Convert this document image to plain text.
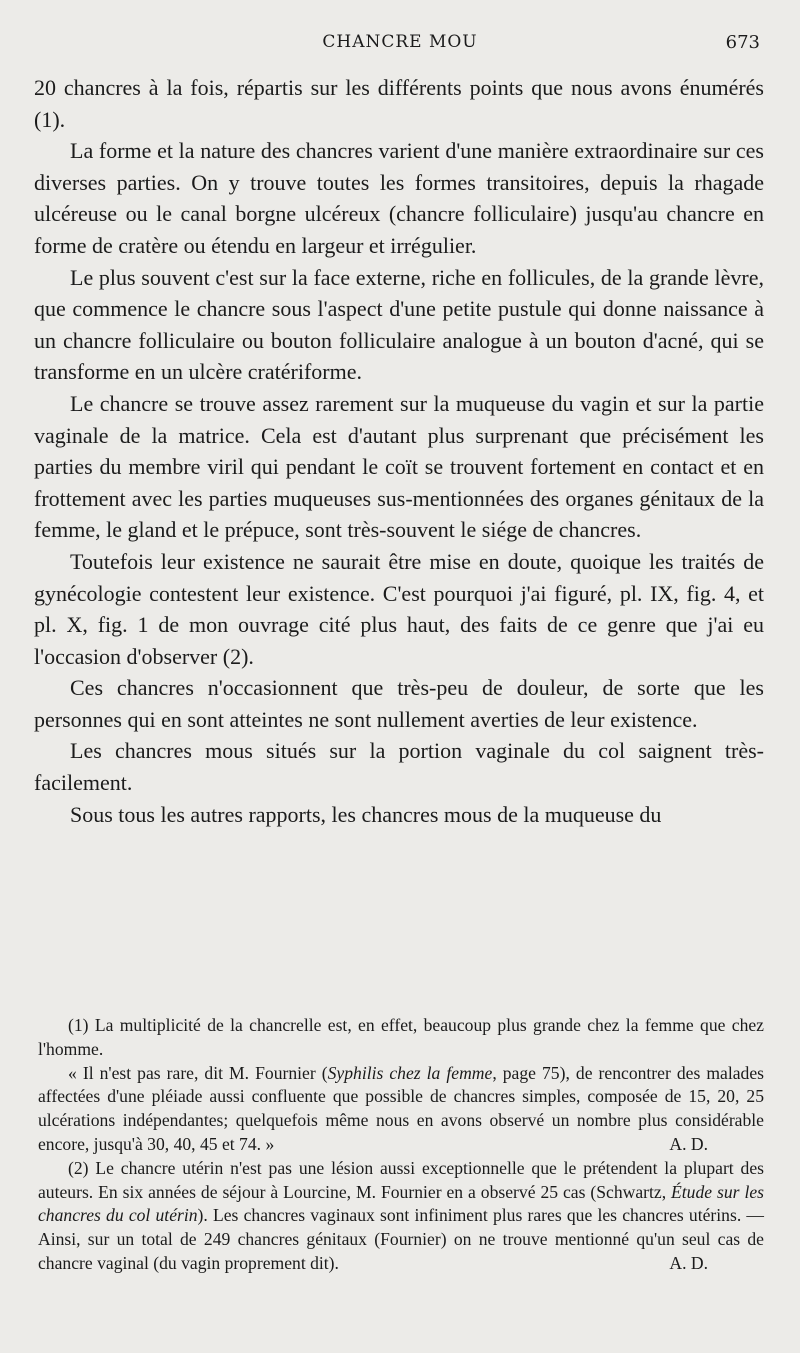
CHANCRE MOU	673

20 chancres à la fois, répartis sur les différents points que nous avons énumérés (1).

La forme et la nature des chancres varient d'une manière extraordinaire sur ces diverses parties. On y trouve toutes les formes transitoires, depuis la rhagade ulcéreuse ou le canal borgne ulcéreux (chancre folliculaire) jusqu'au chancre en forme de cratère ou étendu en largeur et irrégulier.

Le plus souvent c'est sur la face externe, riche en follicules, de la grande lèvre, que commence le chancre sous l'aspect d'une petite pustule qui donne naissance à un chancre folliculaire ou bouton folliculaire analogue à un bouton d'acné, qui se transforme en un ulcère cratériforme.

Le chancre se trouve assez rarement sur la muqueuse du vagin et sur la partie vaginale de la matrice. Cela est d'autant plus surprenant que précisément les parties du membre viril qui pendant le coït se trouvent fortement en contact et en frottement avec les parties muqueuses sus-mentionnées des organes génitaux de la femme, le gland et le prépuce, sont très-souvent le siége de chancres.

Toutefois leur existence ne saurait être mise en doute, quoique les traités de gynécologie contestent leur existence. C'est pourquoi j'ai figuré, pl. IX, fig. 4, et pl. X, fig. 1 de mon ouvrage cité plus haut, des faits de ce genre que j'ai eu l'occasion d'observer (2).

Ces chancres n'occasionnent que très-peu de douleur, de sorte que les personnes qui en sont atteintes ne sont nullement averties de leur existence.

Les chancres mous situés sur la portion vaginale du col saignent très-facilement.

Sous tous les autres rapports, les chancres mous de la muqueuse du

(1) La multiplicité de la chancrelle est, en effet, beaucoup plus grande chez la femme que chez l'homme.

« Il n'est pas rare, dit M. Fournier (Syphilis chez la femme, page 75), de rencontrer des malades affectées d'une pléiade aussi confluente que possible de chancres simples, composée de 15, 20, 25 ulcérations indépendantes; quelquefois même nous en avons observé un nombre plus considérable encore, jusqu'à 30, 40, 45 et 74. »	A. D.

(2) Le chancre utérin n'est pas une lésion aussi exceptionnelle que le prétendent la plupart des auteurs. En six années de séjour à Lourcine, M. Fournier en a observé 25 cas (Schwartz, Étude sur les chancres du col utérin). Les chancres vaginaux sont infiniment plus rares que les chancres utérins. — Ainsi, sur un total de 249 chancres génitaux (Fournier) on ne trouve mentionné qu'un seul cas de chancre vaginal (du vagin proprement dit).	A. D.
